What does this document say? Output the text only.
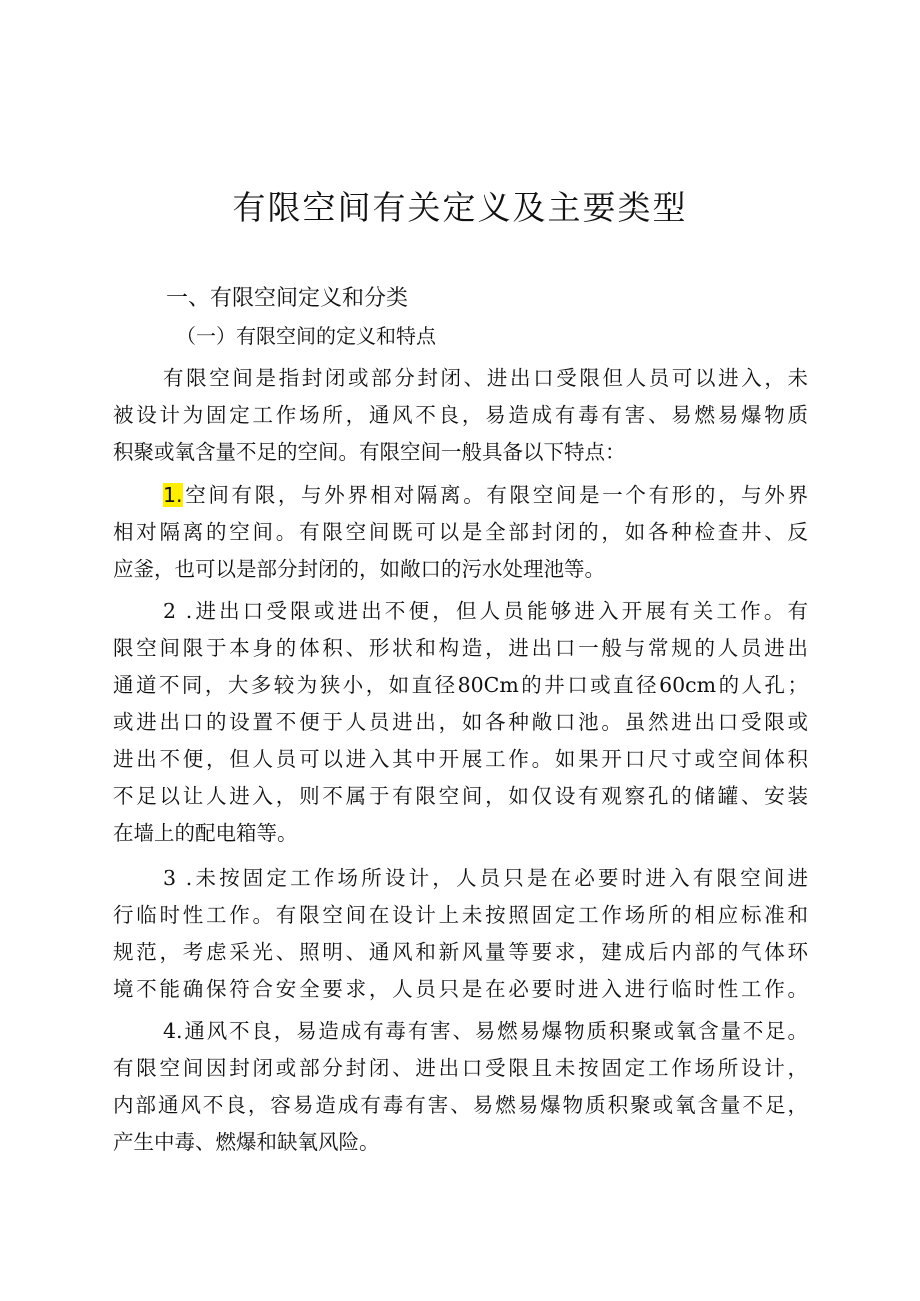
有限空间有关定义及主要类型
一、有限空间定义和分类
（一）有限空间的定义和特点
有限空间是指封闭或部分封闭、进出口受限但人员可以进入，未
被设计为固定工作场所，通风不良，易造成有毒有害、易燃易爆物质
积聚或氧含量不足的空间。有限空间一般具备以下特点：
1.空间有限，与外界相对隔离。有限空间是一个有形的，与外界
相对隔离的空间。有限空间既可以是全部封闭的，如各种检查井、反
应釜，也可以是部分封闭的，如敞口的污水处理池等。
2 .进出口受限或进出不便，但人员能够进入开展有关工作。有
限空间限于本身的体积、形状和构造，进出口一般与常规的人员进出
通道不同，大多较为狭小，如直径80Cm的井口或直径60cm的人孔；
或进出口的设置不便于人员进出，如各种敞口池。虽然进出口受限或
进出不便，但人员可以进入其中开展工作。如果开口尺寸或空间体积
不足以让人进入，则不属于有限空间，如仅设有观察孔的储罐、安装
在墙上的配电箱等。
3 .未按固定工作场所设计，人员只是在必要时进入有限空间进
行临时性工作。有限空间在设计上未按照固定工作场所的相应标准和
规范，考虑采光、照明、通风和新风量等要求，建成后内部的气体环
境不能确保符合安全要求，人员只是在必要时进入进行临时性工作。
4.通风不良，易造成有毒有害、易燃易爆物质积聚或氧含量不足。
有限空间因封闭或部分封闭、进出口受限且未按固定工作场所设计，
内部通风不良，容易造成有毒有害、易燃易爆物质积聚或氧含量不足，
产生中毒、燃爆和缺氧风险。
